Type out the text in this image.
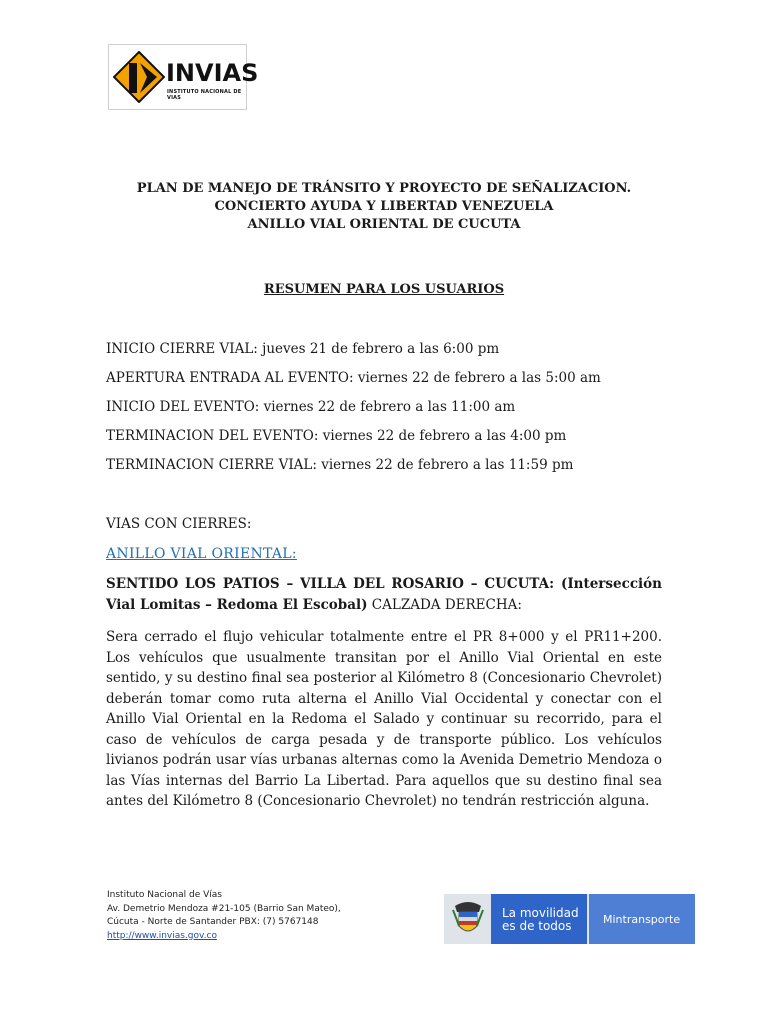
INVIAS
INSTITUTO NACIONAL DE VIAS
PLAN DE MANEJO DE TRÁNSITO Y PROYECTO DE SEÑALIZACION.
CONCIERTO AYUDA Y LIBERTAD VENEZUELA
ANILLO VIAL ORIENTAL DE CUCUTA
RESUMEN PARA LOS USUARIOS
INICIO CIERRE VIAL: jueves 21 de febrero a las 6:00 pm
APERTURA ENTRADA AL EVENTO: viernes 22 de febrero a las 5:00 am
INICIO DEL EVENTO: viernes 22 de febrero a las 11:00 am
TERMINACION DEL EVENTO: viernes 22 de febrero a las 4:00 pm
TERMINACION CIERRE VIAL: viernes 22 de febrero a las 11:59 pm
VIAS CON CIERRES:
ANILLO VIAL ORIENTAL:
SENTIDO LOS PATIOS – VILLA DEL ROSARIO – CUCUTA: (Intersección Vial Lomitas – Redoma El Escobal) CALZADA DERECHA:
Sera cerrado el flujo vehicular totalmente entre el PR 8+000 y el PR11+200. Los vehículos que usualmente transitan por el Anillo Vial Oriental en este sentido, y su destino final sea posterior al Kilómetro 8 (Concesionario Chevrolet) deberán tomar como ruta alterna el Anillo Vial Occidental y conectar con el Anillo Vial Oriental en la Redoma el Salado y continuar su recorrido, para el caso de vehículos de carga pesada y de transporte público. Los vehículos livianos podrán usar vías urbanas alternas como la Avenida Demetrio Mendoza o las Vías internas del Barrio La Libertad. Para aquellos que su destino final sea antes del Kilómetro 8 (Concesionario Chevrolet) no tendrán restricción alguna.
Instituto Nacional de Vías
Av. Demetrio Mendoza #21-105 (Barrio San Mateo),
Cúcuta - Norte de Santander PBX: (7) 5767148
http://www.invias.gov.co
La movilidad
es de todos	Mintransporte
